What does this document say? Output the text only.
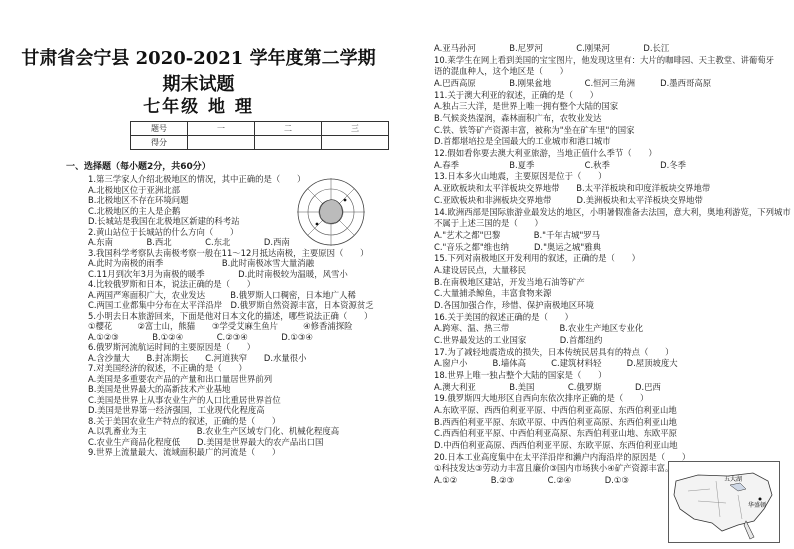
甘肃省会宁县 2020-2021 学年度第二学期
期末试题
七年级 地 理
题号	一	二	三
得分			
一、选择题（每小题2分，共60分）
1.第三学家人介绍北极地区的情况，其中正确的是（　　）
A.北极地区位于亚洲北部
B.北极地区不存在环境问题
C.北极地区的主人是企鹅
D.长城站是我国在北极地区新建的科考站
2.黄山站位于长城站的什么方向（　　）
A.东南　　　　B.西北　　　　C.东北　　　　D.西南
3.我国科学考察队去南极考察一般在11～12月抵达南极，主要原因（　　）
A.此时为南极的雨季　　　　　　　B.此时南极冰雪大量消融
C.11月到次年3月为南极的暖季　　　　D.此时南极较为温暖，风雪小
4.比较俄罗斯和日本，说法正确的是（　　）
A.两国严寒面积广大，农业发达　　　B.俄罗斯人口稠密，日本地广人稀
C.两国工业都集中分布在太平洋沿岸　D.俄罗斯自然资源丰富，日本资源贫乏
5.小明去日本旅游回来，下面是他对日本文化的描述，哪些说法正确（　　）
①樱花　　　②富士山，熊猫　　③学受艾麻生鱼片　　　④修香浦探险
A.①②③　　　　B.①②④　　　　C.②③④　　　　D.①③④
6.俄罗斯河流航运时间的主要原因是（　　）
A.含沙量大　　B.封冻期长　　C.河道狭窄　　D.水量很小
7.对美国经济的叙述，不正确的是（　　）
A.美国是多重要农产品的产量和出口量居世界前列
B.美国是世界最大的高新技术产业基地
C.美国是世界上从事农业生产的人口比重居世界首位
D.美国是世界第一经济强国，工业现代化程度高
8.关于美国农业生产特点的叙述，正确的是（　　）
A.以乳畜业为主　　　　　　B.农业生产区域专门化、机械化程度高
C.农业生产商品化程度低　　D.美国是世界最大的农产品出口国
9.世界上流量最大、流域面积最广的河流是（　　）
五大湖
华盛顿
A.亚马孙河　　　　B.尼罗河　　　　C.刚果河　　　　D.长江
10.莱学生在网上看到美国的宝宝图片，他发现这里有：大片的咖啡园、天主教堂、讲葡萄牙
语的混血种人，这个地区是（　　）
A.巴西高原　　　　B.刚果盆地　　　　C.恒河三角洲　　　D.墨西哥高原
11.关于澳大利亚的叙述，正确的是（　　）
A.独占三大洋，是世界上唯一拥有整个大陆的国家
B.气候炎热湿润，森林面积广布，农牧业发达
C.铁、铁等矿产资源丰富，被称为"坐在矿车里"的国家
D.首都堪培拉是全国最大的工业城市和港口城市
12.假如看你要去澳大利亚旅游，当地正值什么季节（　　）
A.春季　　　　　　B.夏季　　　　　　C.秋季　　　　　　D.冬季
13.日本多火山地震，主要原因是位于（　　）
A.亚欧板块和太平洋板块交界地带　　B.太平洋板块和印度洋板块交界地带
C.亚欧板块和非洲板块交界地带　　　D.美洲板块和太平洋板块交界地带
14.欧洲西部是国际旅游业最发达的地区，小明暑假准备去法国，意大利，奥地利游览，下列城市
不属于上述三国的是（　　）
A."艺术之都"巴黎　　　　B."千年古城"罗马
C."音乐之都"维也纳　　　D."奥运之城"雅典
15.下列对南极地区开发利用的叙述，正确的是（　　）
A.建设居民点，大量移民
B.在南极地区建站，开发当地石油等矿产
C.大量捕杀鲸鱼，丰富食物来源
D.各国加强合作，珍惜、保护南极地区环境
16.关于美国的叙述正确的是（　　）
A.跨寒、温、热三带　　　　　　B.农业生产地区专业化
C.世界最发达的工业国家　　　　D.首都纽约
17.为了减轻地震造成的损失，日本传统民居具有的特点（　　）
A.窗户小　　　B.墙体高　　　C.建筑材料轻　　　D.屋顶坡度大
18.世界上唯一独占整个大陆的国家是（　　）
A.澳大利亚　　　　B.美国　　　　C.俄罗斯　　　　D.巴西
19.俄罗斯四大地形区自西向东依次排序正确的是（　　）
A.东欧平原、西西伯利亚平原、中西伯利亚高原、东西伯利亚山地
B.西西伯利亚平原、东欧平原、中西伯利亚高原、东西伯利亚山地
C.西西伯利亚平原、中西伯利亚高原、东西伯利亚山地、东欧平原
D.中西伯利亚高原、西西伯利亚平原、东欧平原、东西伯利亚山地
20.日本工业高度集中在太平洋沿岸和濑户内海沿岸的原因是（　　）
①科技发达③劳动力丰富且廉价③国内市场狭小④矿产资源丰富。
A.①②　　　　B.②③　　　　C.②④　　　　D.①③
